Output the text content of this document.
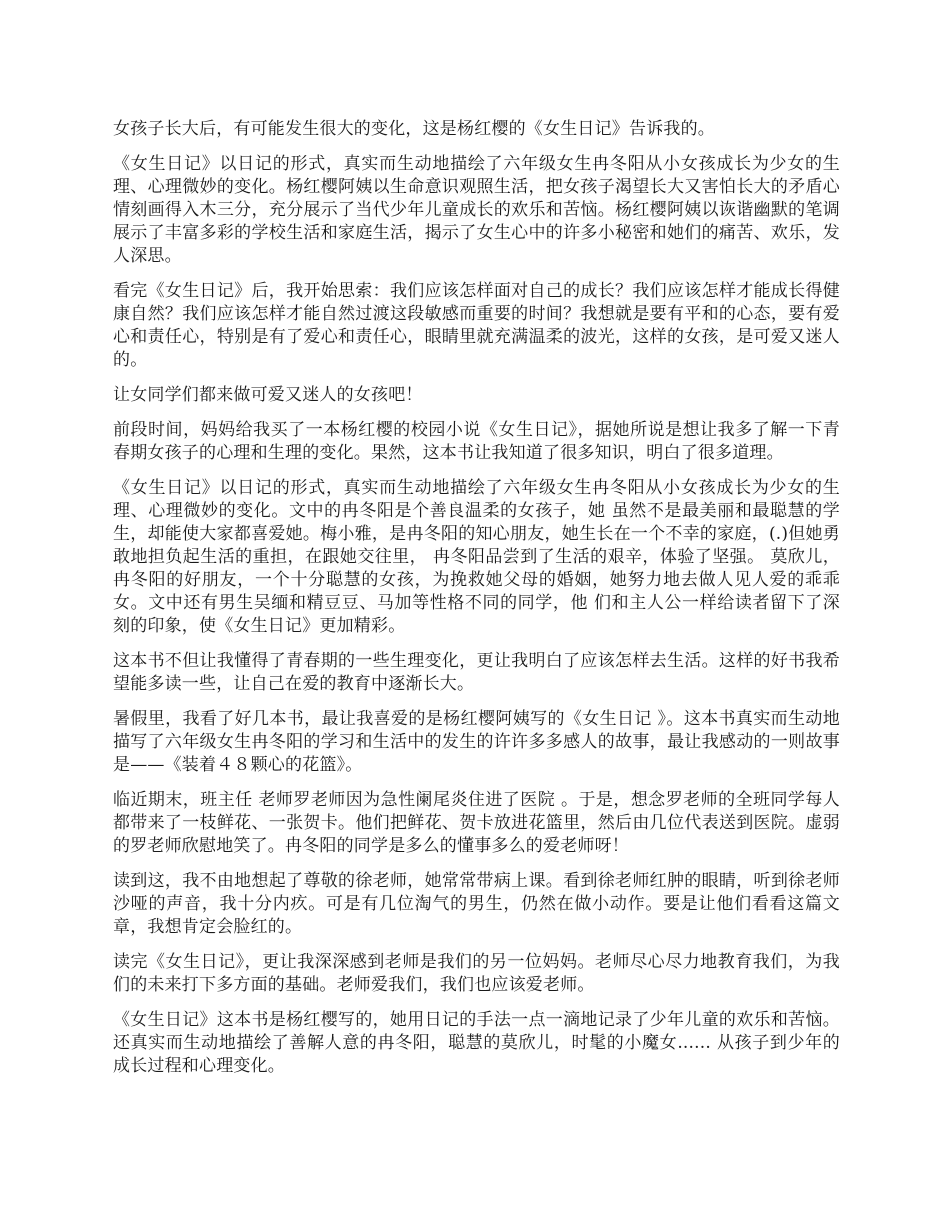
女孩子长大后，有可能发生很大的变化，这是杨红樱的《女生日记》告诉我的。

《女生日记》以日记的形式，真实而生动地描绘了六年级女生冉冬阳从小女孩成长为少女的生理、心理微妙的变化。杨红樱阿姨以生命意识观照生活，把女孩子渴望长大又害怕长大的矛盾心情刻画得入木三分，充分展示了当代少年儿童成长的欢乐和苦恼。杨红樱阿姨以诙谐幽默的笔调展示了丰富多彩的学校生活和家庭生活，揭示了女生心中的许多小秘密和她们的痛苦、欢乐，发人深思。

看完《女生日记》后，我开始思索：我们应该怎样面对自己的成长？我们应该怎样才能成长得健康自然？我们应该怎样才能自然过渡这段敏感而重要的时间？我想就是要有平和的心态，要有爱心和责任心，特别是有了爱心和责任心，眼睛里就充满温柔的波光，这样的女孩，是可爱又迷人的。

让女同学们都来做可爱又迷人的女孩吧！

前段时间，妈妈给我买了一本杨红樱的校园小说《女生日记》，据她所说是想让我多了解一下青春期女孩子的心理和生理的变化。果然，这本书让我知道了很多知识，明白了很多道理。

《女生日记》以日记的形式，真实而生动地描绘了六年级女生冉冬阳从小女孩成长为少女的生理、心理微妙的变化。文中的冉冬阳是个善良温柔的女孩子，她 虽然不是最美丽和最聪慧的学生，却能使大家都喜爱她。梅小雅，是冉冬阳的知心朋友，她生长在一个不幸的家庭，(.)但她勇敢地担负起生活的重担，在跟她交往里， 冉冬阳品尝到了生活的艰辛，体验了坚强。 莫欣儿，冉冬阳的好朋友，一个十分聪慧的女孩，为挽救她父母的婚姻，她努力地去做人见人爱的乖乖女。文中还有男生吴缅和精豆豆、马加等性格不同的同学，他 们和主人公一样给读者留下了深刻的印象，使《女生日记》更加精彩。

这本书不但让我懂得了青春期的一些生理变化，更让我明白了应该怎样去生活。这样的好书我希望能多读一些，让自己在爱的教育中逐渐长大。

暑假里，我看了好几本书，最让我喜爱的是杨红樱阿姨写的《女生日记 》。这本书真实而生动地描写了六年级女生冉冬阳的学习和生活中的发生的许许多多感人的故事，最让我感动的一则故事是——《装着４８颗心的花篮》。

临近期末，班主任 老师罗老师因为急性阑尾炎住进了医院 。于是，想念罗老师的全班同学每人都带来了一枝鲜花、一张贺卡。他们把鲜花、贺卡放进花篮里，然后由几位代表送到医院。虚弱的罗老师欣慰地笑了。冉冬阳的同学是多么的懂事多么的爱老师呀！

读到这，我不由地想起了尊敬的徐老师，她常常带病上课。看到徐老师红肿的眼睛，听到徐老师沙哑的声音，我十分内疚。可是有几位淘气的男生，仍然在做小动作。要是让他们看看这篇文章，我想肯定会脸红的。

读完《女生日记》，更让我深深感到老师是我们的另一位妈妈。老师尽心尽力地教育我们，为我们的未来打下多方面的基础。老师爱我们，我们也应该爱老师。

《女生日记》这本书是杨红樱写的，她用日记的手法一点一滴地记录了少年儿童的欢乐和苦恼。还真实而生动地描绘了善解人意的冉冬阳，聪慧的莫欣儿，时髦的小魔女...... 从孩子到少年的成长过程和心理变化。
